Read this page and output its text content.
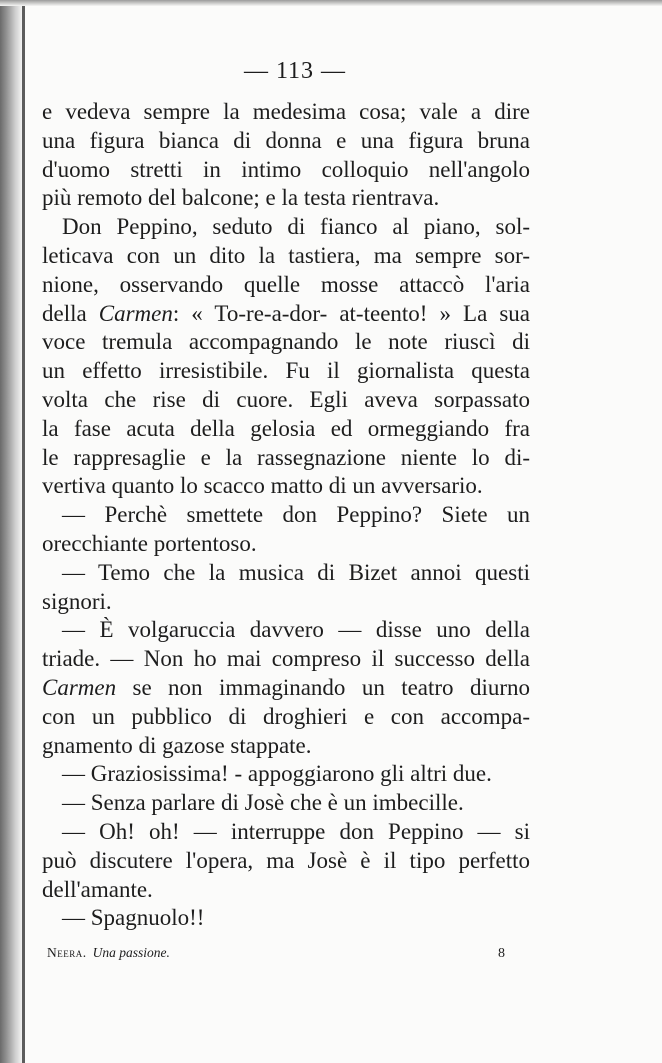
— 113 —
e vedeva sempre la medesima cosa; vale a dire
una figura bianca di donna e una figura bruna
d'uomo stretti in intimo colloquio nell'angolo
più remoto del balcone; e la testa rientrava.
Don Peppino, seduto di fianco al piano, sol-
leticava con un dito la tastiera, ma sempre sor-
nione, osservando quelle mosse attaccò l'aria
della Carmen: « To-re-a-dor- at-teento! » La sua
voce tremula accompagnando le note riuscì di
un effetto irresistibile. Fu il giornalista questa
volta che rise di cuore. Egli aveva sorpassato
la fase acuta della gelosia ed ormeggiando fra
le rappresaglie e la rassegnazione niente lo di-
vertiva quanto lo scacco matto di un avversario.
— Perchè smettete don Peppino? Siete un
orecchiante portentoso.
— Temo che la musica di Bizet annoi questi
signori.
— È volgaruccia davvero — disse uno della
triade. — Non ho mai compreso il successo della
Carmen se non immaginando un teatro diurno
con un pubblico di droghieri e con accompa-
gnamento di gazose stappate.
— Graziosissima! - appoggiarono gli altri due.
— Senza parlare di Josè che è un imbecille.
— Oh! oh! — interruppe don Peppino — si
può discutere l'opera, ma Josè è il tipo perfetto
dell'amante.
— Spagnuolo!!
Neera. Una passione.	8
